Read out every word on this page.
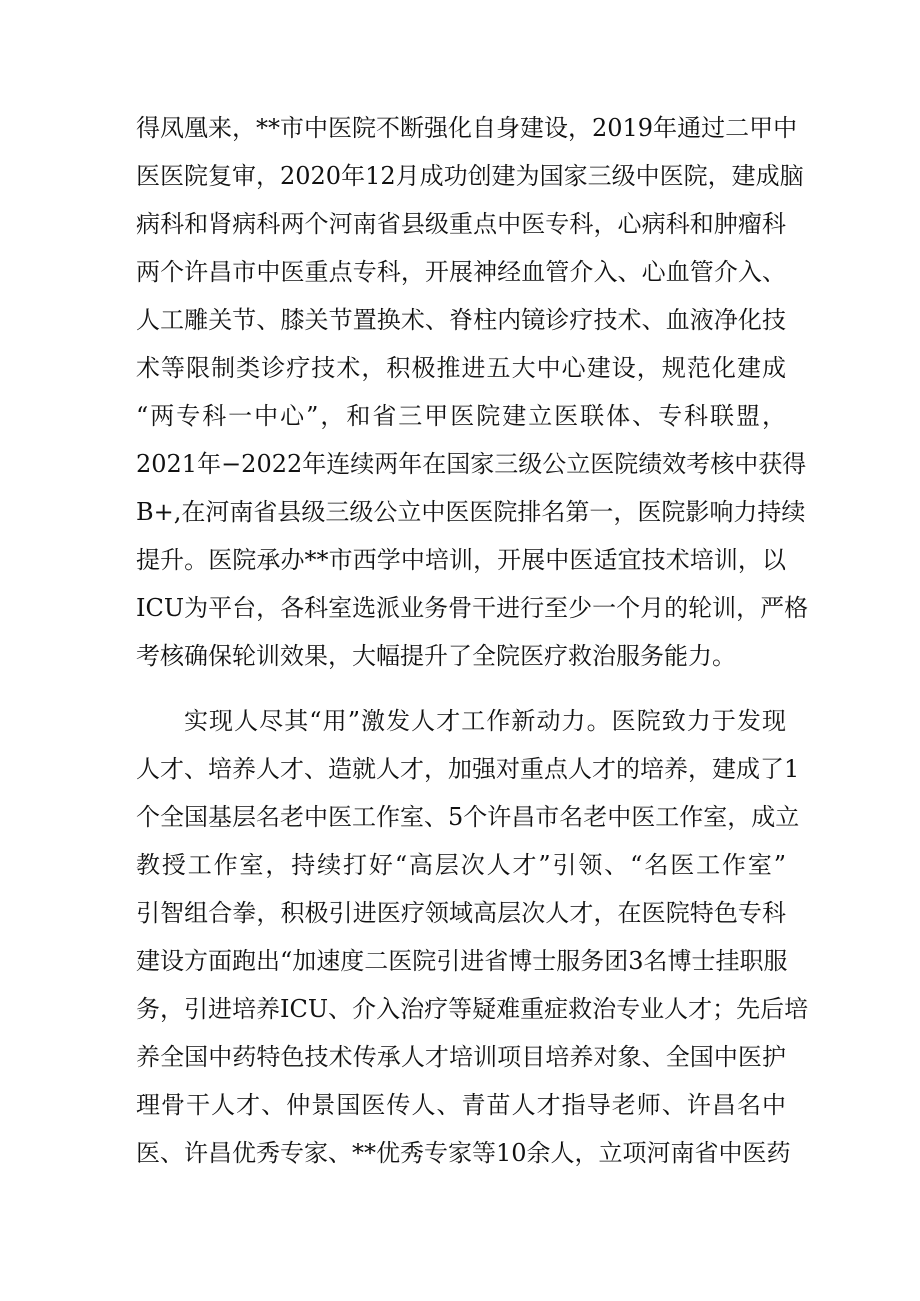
得凤凰来，**市中医院不断强化自身建设，2019年通过二甲中
医医院复审，2020年12月成功创建为国家三级中医院，建成脑
病科和肾病科两个河南省县级重点中医专科，心病科和肿瘤科
两个许昌市中医重点专科，开展神经血管介入、心血管介入、
人工雕关节、膝关节置换术、脊柱内镜诊疗技术、血液净化技
术等限制类诊疗技术，积极推进五大中心建设，规范化建成
“两专科一中心”，和省三甲医院建立医联体、专科联盟，
2021年−2022年连续两年在国家三级公立医院绩效考核中获得
B+,在河南省县级三级公立中医医院排名第一，医院影响力持续
提升。医院承办**市西学中培训，开展中医适宜技术培训，以
ICU为平台，各科室选派业务骨干进行至少一个月的轮训，严格
考核确保轮训效果，大幅提升了全院医疗救治服务能力。
实现人尽其“用”激发人才工作新动力。医院致力于发现
人才、培养人才、造就人才，加强对重点人才的培养，建成了1
个全国基层名老中医工作室、5个许昌市名老中医工作室，成立
教授工作室，持续打好“高层次人才”引领、“名医工作室”
引智组合拳，积极引进医疗领域高层次人才，在医院特色专科
建设方面跑出“加速度二医院引进省博士服务团3名博士挂职服
务，引进培养ICU、介入治疗等疑难重症救治专业人才；先后培
养全国中药特色技术传承人才培训项目培养对象、全国中医护
理骨干人才、仲景国医传人、青苗人才指导老师、许昌名中
医、许昌优秀专家、**优秀专家等10余人，立项河南省中医药
